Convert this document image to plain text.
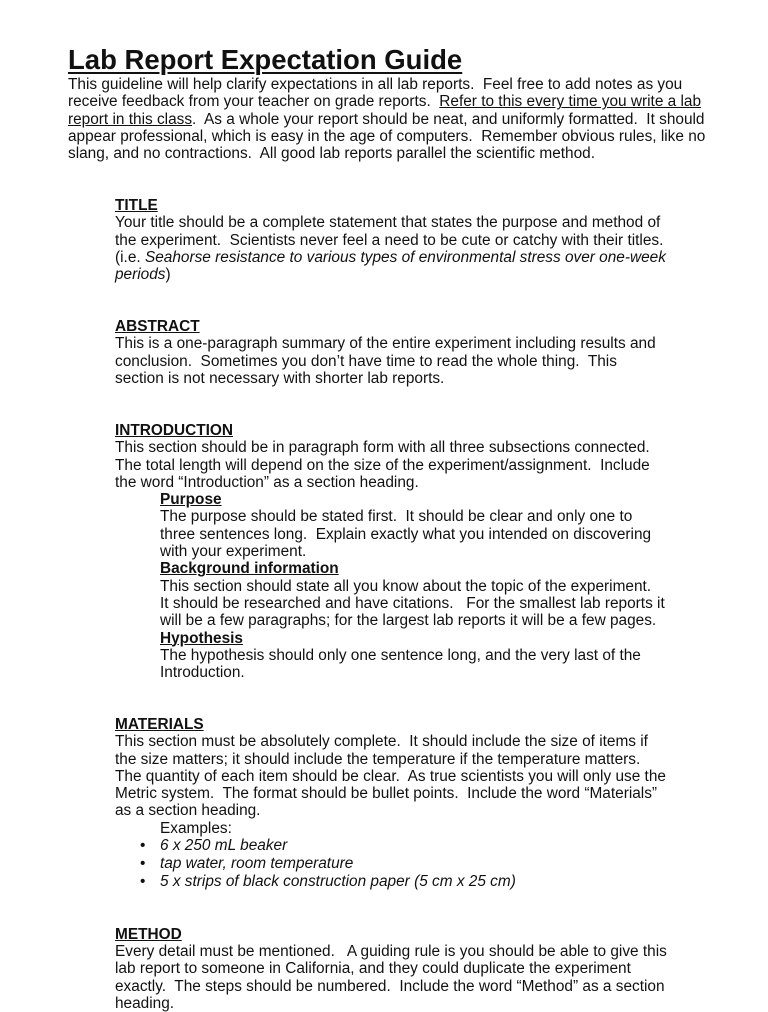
Lab Report Expectation Guide
This guideline will help clarify expectations in all lab reports.  Feel free to add notes as you
receive feedback from your teacher on grade reports.  Refer to this every time you write a lab
report in this class.  As a whole your report should be neat, and uniformly formatted.  It should
appear professional, which is easy in the age of computers.  Remember obvious rules, like no
slang, and no contractions.  All good lab reports parallel the scientific method.
TITLE
Your title should be a complete statement that states the purpose and method of
the experiment.  Scientists never feel a need to be cute or catchy with their titles.
(i.e. Seahorse resistance to various types of environmental stress over one-week
periods)
ABSTRACT
This is a one-paragraph summary of the entire experiment including results and
conclusion.  Sometimes you don’t have time to read the whole thing.  This
section is not necessary with shorter lab reports.
INTRODUCTION
This section should be in paragraph form with all three subsections connected.
The total length will depend on the size of the experiment/assignment.  Include
the word “Introduction” as a section heading.
Purpose
The purpose should be stated first.  It should be clear and only one to
three sentences long.  Explain exactly what you intended on discovering
with your experiment.
Background information
This section should state all you know about the topic of the experiment.
It should be researched and have citations.   For the smallest lab reports it
will be a few paragraphs; for the largest lab reports it will be a few pages.
Hypothesis
The hypothesis should only one sentence long, and the very last of the
Introduction.
MATERIALS
This section must be absolutely complete.  It should include the size of items if
the size matters; it should include the temperature if the temperature matters.
The quantity of each item should be clear.  As true scientists you will only use the
Metric system.  The format should be bullet points.  Include the word “Materials”
as a section heading.
Examples:
• 6 x 250 mL beaker
• tap water, room temperature
• 5 x strips of black construction paper (5 cm x 25 cm)
METHOD
Every detail must be mentioned.   A guiding rule is you should be able to give this
lab report to someone in California, and they could duplicate the experiment
exactly.  The steps should be numbered.  Include the word “Method” as a section
heading.
